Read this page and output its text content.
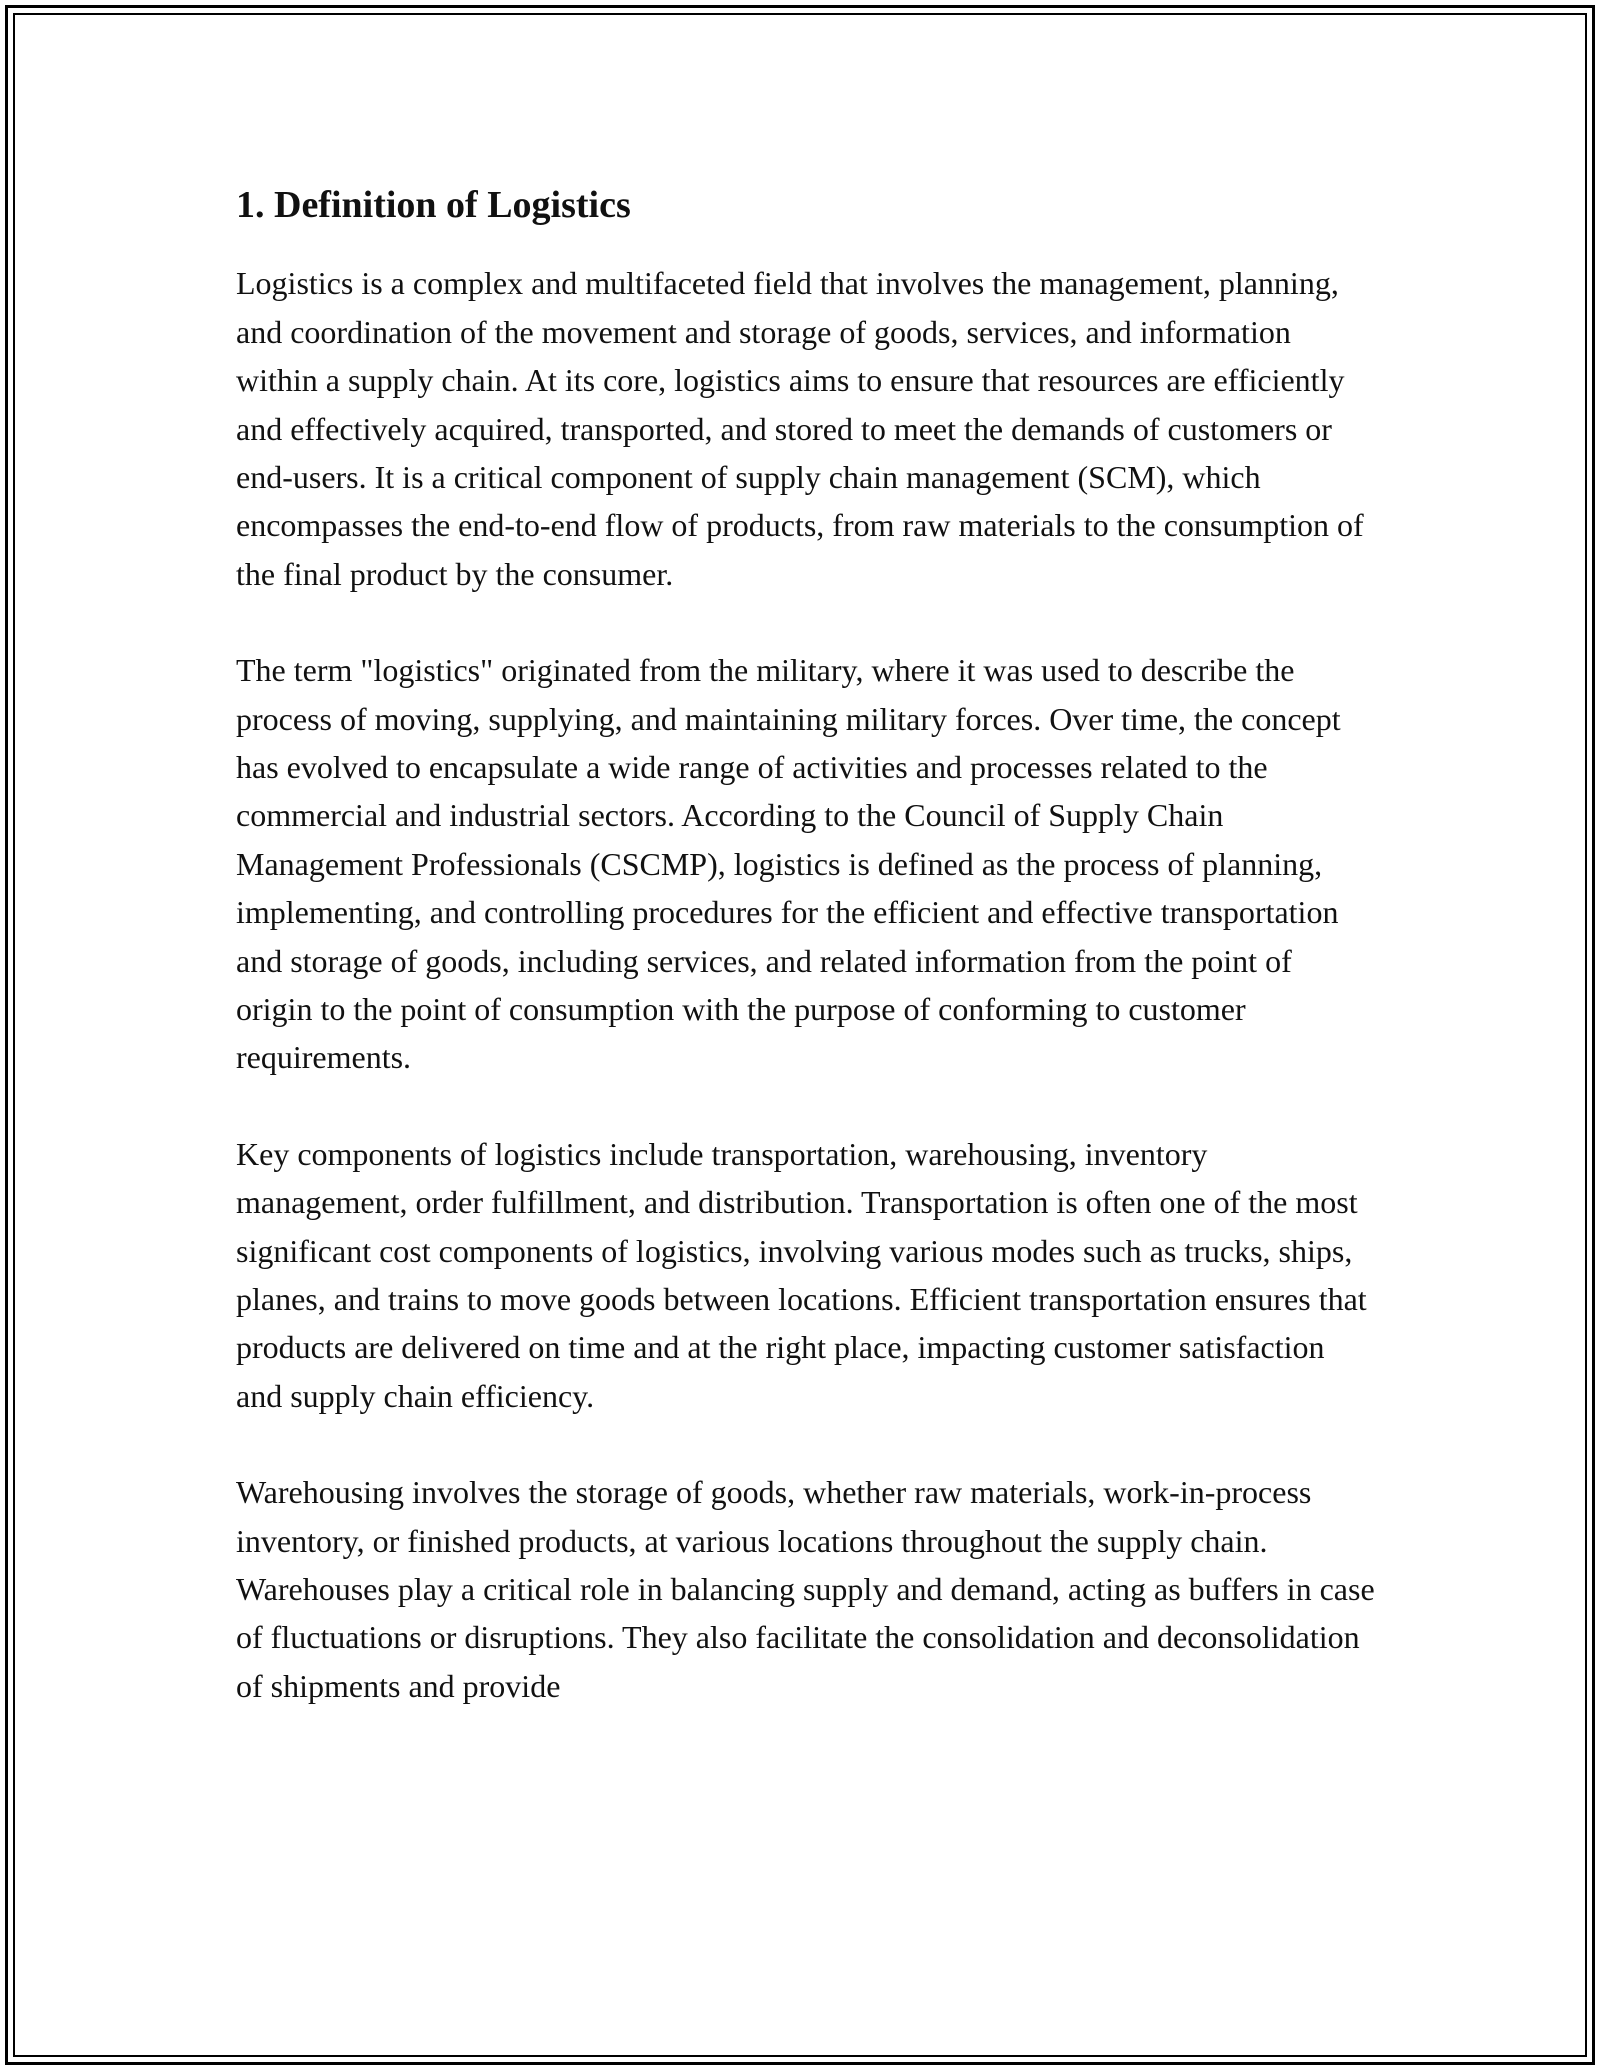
1. Definition of Logistics

Logistics is a complex and multifaceted field that involves the management, planning, and coordination of the movement and storage of goods, services, and information within a supply chain. At its core, logistics aims to ensure that resources are efficiently and effectively acquired, transported, and stored to meet the demands of customers or end-users. It is a critical component of supply chain management (SCM), which encompasses the end-to-end flow of products, from raw materials to the consumption of the final product by the consumer.

The term "logistics" originated from the military, where it was used to describe the process of moving, supplying, and maintaining military forces. Over time, the concept has evolved to encapsulate a wide range of activities and processes related to the commercial and industrial sectors. According to the Council of Supply Chain Management Professionals (CSCMP), logistics is defined as the process of planning, implementing, and controlling procedures for the efficient and effective transportation and storage of goods, including services, and related information from the point of origin to the point of consumption with the purpose of conforming to customer requirements.

Key components of logistics include transportation, warehousing, inventory management, order fulfillment, and distribution. Transportation is often one of the most significant cost components of logistics, involving various modes such as trucks, ships, planes, and trains to move goods between locations. Efficient transportation ensures that products are delivered on time and at the right place, impacting customer satisfaction and supply chain efficiency.

Warehousing involves the storage of goods, whether raw materials, work-in-process inventory, or finished products, at various locations throughout the supply chain. Warehouses play a critical role in balancing supply and demand, acting as buffers in case of fluctuations or disruptions. They also facilitate the consolidation and deconsolidation of shipments and provide
